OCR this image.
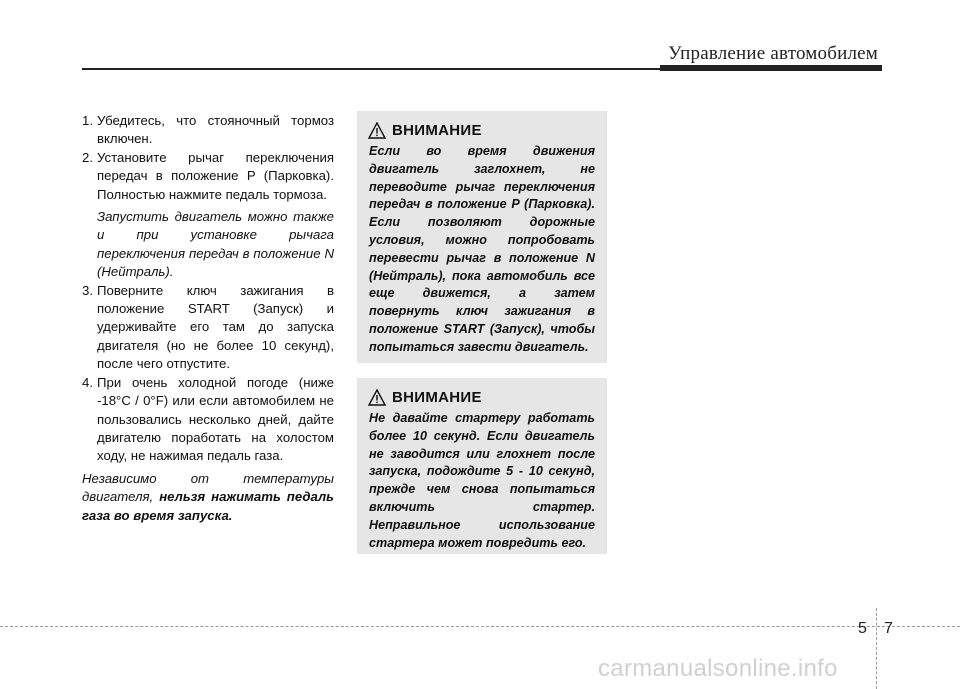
Управление автомобилем
1. Убедитесь, что стояночный тормоз включен.
2. Установите рычаг переключения передач в положение P (Парковка). Полностью нажмите педаль тормоза.
Запустить двигатель можно также и при установке рычага переключения передач в положение N (Нейтраль).
3. Поверните ключ зажигания в положение START (Запуск) и удерживайте его там до запуска двигателя (но не более 10 секунд), после чего отпустите.
4. При очень холодной погоде (ниже -18°C / 0°F) или если автомобилем не пользовались несколько дней, дайте двигателю поработать на холостом ходу, не нажимая педаль газа.
Независимо от температуры двигателя, нельзя нажимать педаль газа во время запуска.
ВНИМАНИЕ
Если во время движения двигатель заглохнет, не переводите рычаг переключения передач в положение P (Парковка). Если позволяют дорожные условия, можно попробовать перевести рычаг в положение N (Нейтраль), пока автомобиль все еще движется, а затем повернуть ключ зажигания в положение START (Запуск), чтобы попытаться завести двигатель.
ВНИМАНИЕ
Не давайте стартеру работать более 10 секунд. Если двигатель не заводится или глохнет после запуска, подождите 5 - 10 секунд, прежде чем снова попытаться включить стартер. Неправильное использование стартера может повредить его.
5 7
carmanualsonline.info
